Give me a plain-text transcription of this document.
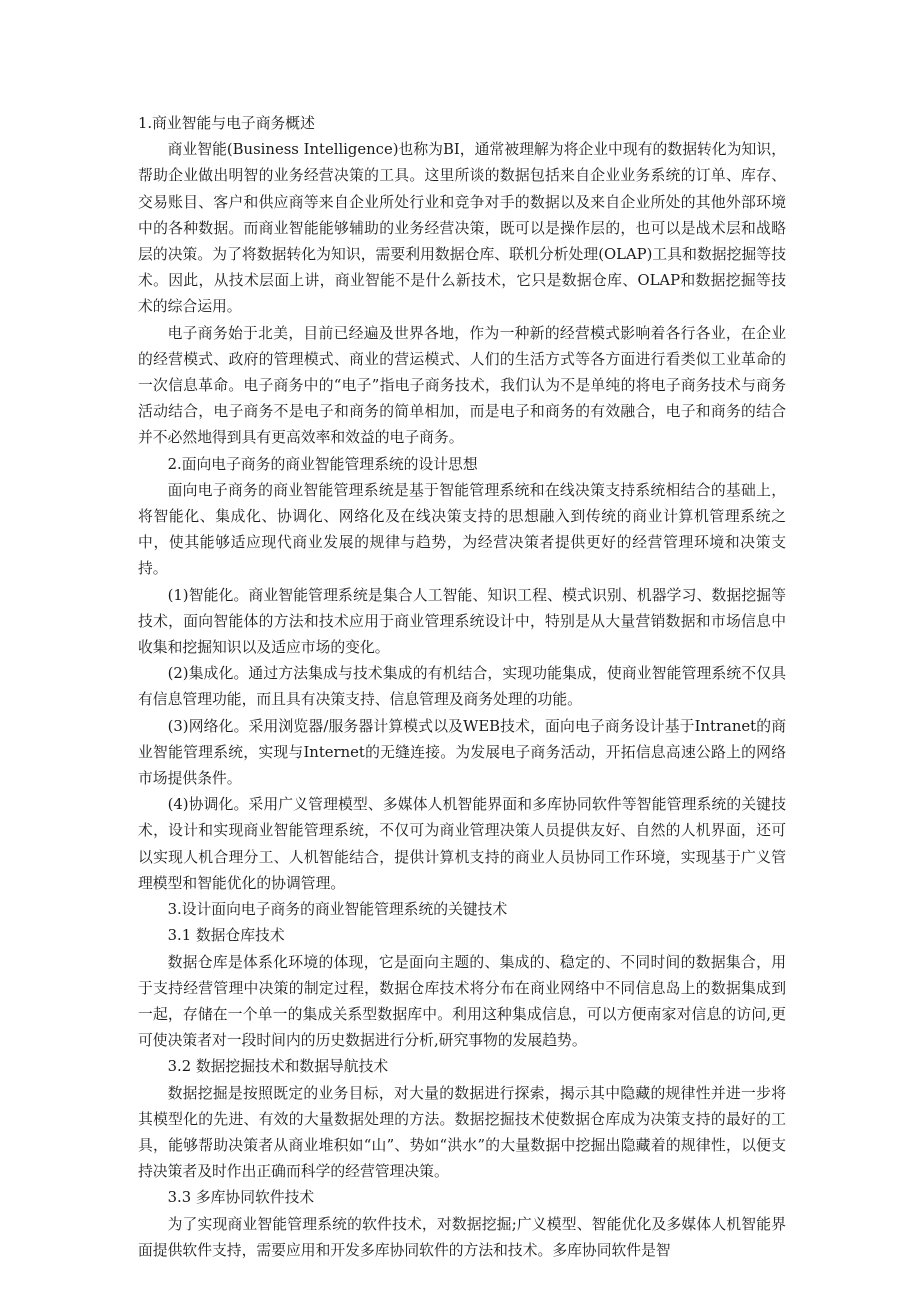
1.商业智能与电子商务概述

商业智能(Business Intelligence)也称为BI，通常被理解为将企业中现有的数据转化为知识，帮助企业做出明智的业务经营决策的工具。这里所谈的数据包括来自企业业务系统的订单、库存、交易账目、客户和供应商等来自企业所处行业和竞争对手的数据以及来自企业所处的其他外部环境中的各种数据。而商业智能能够辅助的业务经营决策，既可以是操作层的，也可以是战术层和战略层的决策。为了将数据转化为知识，需要利用数据仓库、联机分析处理(OLAP)工具和数据挖掘等技术。因此，从技术层面上讲，商业智能不是什么新技术，它只是数据仓库、OLAP和数据挖掘等技术的综合运用。

电子商务始于北美，目前已经遍及世界各地，作为一种新的经营模式影响着各行各业，在企业的经营模式、政府的管理模式、商业的营运模式、人们的生活方式等各方面进行看类似工业革命的一次信息革命。电子商务中的“电子”指电子商务技术，我们认为不是单纯的将电子商务技术与商务活动结合，电子商务不是电子和商务的简单相加，而是电子和商务的有效融合，电子和商务的结合并不必然地得到具有更高效率和效益的电子商务。

2.面向电子商务的商业智能管理系统的设计思想

面向电子商务的商业智能管理系统是基于智能管理系统和在线决策支持系统相结合的基础上，将智能化、集成化、协调化、网络化及在线决策支持的思想融入到传统的商业计算机管理系统之中，使其能够适应现代商业发展的规律与趋势，为经营决策者提供更好的经营管理环境和决策支持。

(1)智能化。商业智能管理系统是集合人工智能、知识工程、模式识别、机器学习、数据挖掘等技术，面向智能体的方法和技术应用于商业管理系统设计中，特别是从大量营销数据和市场信息中收集和挖掘知识以及适应市场的变化。

(2)集成化。通过方法集成与技术集成的有机结合，实现功能集成，使商业智能管理系统不仅具有信息管理功能，而且具有决策支持、信息管理及商务处理的功能。

(3)网络化。采用浏览器/服务器计算模式以及WEB技术，面向电子商务设计基于Intranet的商业智能管理系统，实现与Internet的无缝连接。为发展电子商务活动，开拓信息高速公路上的网络市场提供条件。

(4)协调化。采用广义管理模型、多媒体人机智能界面和多库协同软件等智能管理系统的关键技术，设计和实现商业智能管理系统，不仅可为商业管理决策人员提供友好、自然的人机界面，还可以实现人机合理分工、人机智能结合，提供计算机支持的商业人员协同工作环境，实现基于广义管理模型和智能优化的协调管理。

3.设计面向电子商务的商业智能管理系统的关键技术

3.1 数据仓库技术

数据仓库是体系化环境的体现，它是面向主题的、集成的、稳定的、不同时间的数据集合，用于支持经营管理中决策的制定过程，数据仓库技术将分布在商业网络中不同信息岛上的数据集成到一起，存储在一个单一的集成关系型数据库中。利用这种集成信息，可以方便南家对信息的访问,更可使决策者对一段时间内的历史数据进行分析,研究事物的发展趋势。

3.2 数据挖掘技术和数据导航技术

数据挖掘是按照既定的业务目标，对大量的数据进行探索，揭示其中隐藏的规律性并进一步将其模型化的先进、有效的大量数据处理的方法。数据挖掘技术使数据仓库成为决策支持的最好的工具，能够帮助决策者从商业堆积如“山”、势如“洪水”的大量数据中挖掘出隐藏着的规律性，以便支持决策者及时作出正确而科学的经营管理决策。

3.3 多库协同软件技术

为了实现商业智能管理系统的软件技术，对数据挖掘;广义模型、智能优化及多媒体人机智能界面提供软件支持，需要应用和开发多库协同软件的方法和技术。多库协同软件是智
